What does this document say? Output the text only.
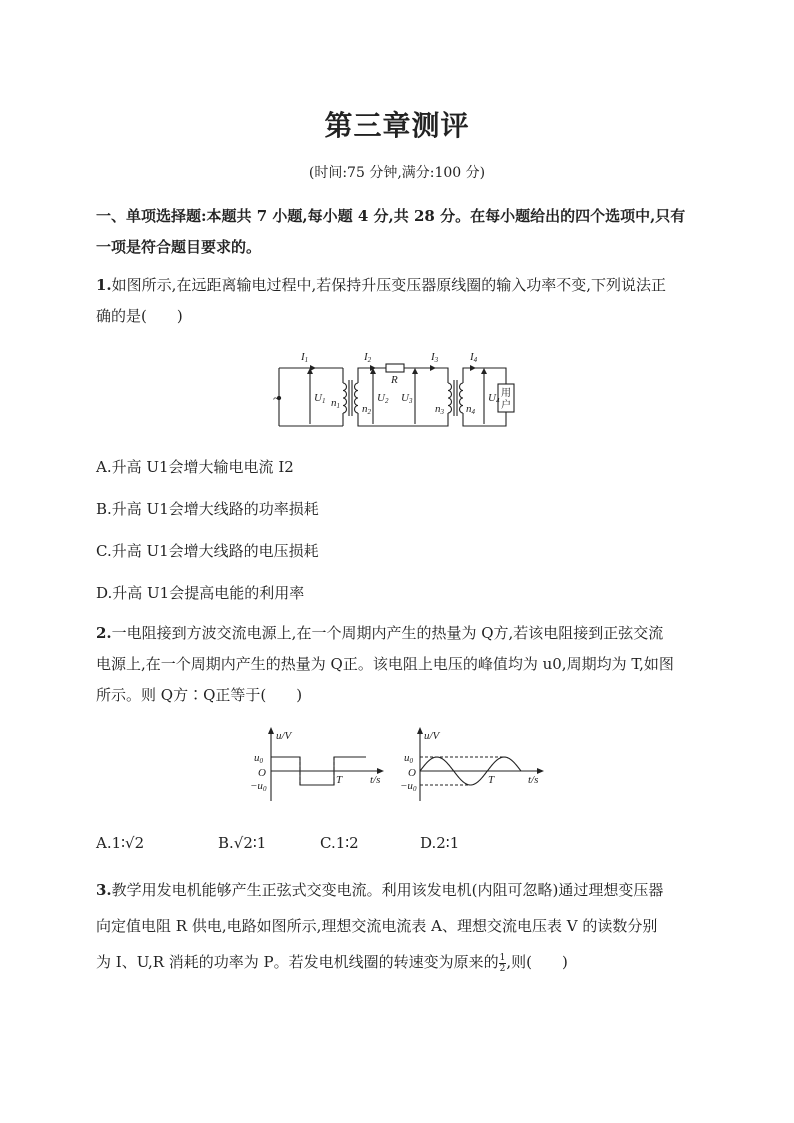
第三章测评
(时间:75 分钟,满分:100 分)
一、单项选择题:本题共 7 小题,每小题 4 分,共 28 分。在每小题给出的四个选项中,只有
一项是符合题目要求的。
1.如图所示,在远距离输电过程中,若保持升压变压器原线圈的输入功率不变,下列说法正
确的是(　　)
~
I1	I2	I3	I4
R
U1	U2 U3	U4
n1 n2	n3 n4
用
户
A.升高 U1会增大输电电流 I2
B.升高 U1会增大线路的功率损耗
C.升高 U1会增大线路的电压损耗
D.升高 U1会提高电能的利用率
2.一电阻接到方波交流电源上,在一个周期内产生的热量为 Q方,若该电阻接到正弦交流
电源上,在一个周期内产生的热量为 Q正。该电阻上电压的峰值均为 u0,周期均为 T,如图
所示。则 Q方∶Q正等于(　　)
u/V
u0
O
−u0
T	t/s
u/V
u0
O
−u0
T	t/s
A.1∶√2	B.√2∶1	C.1∶2	D.2∶1
3.教学用发电机能够产生正弦式交变电流。利用该发电机(内阻可忽略)通过理想变压器
向定值电阻 R 供电,电路如图所示,理想交流电流表 A、理想交流电压表 V 的读数分别
为 I、U,R 消耗的功率为 P。若发电机线圈的转速变为原来的 $\frac{1}{2}$ ,则(　　)
